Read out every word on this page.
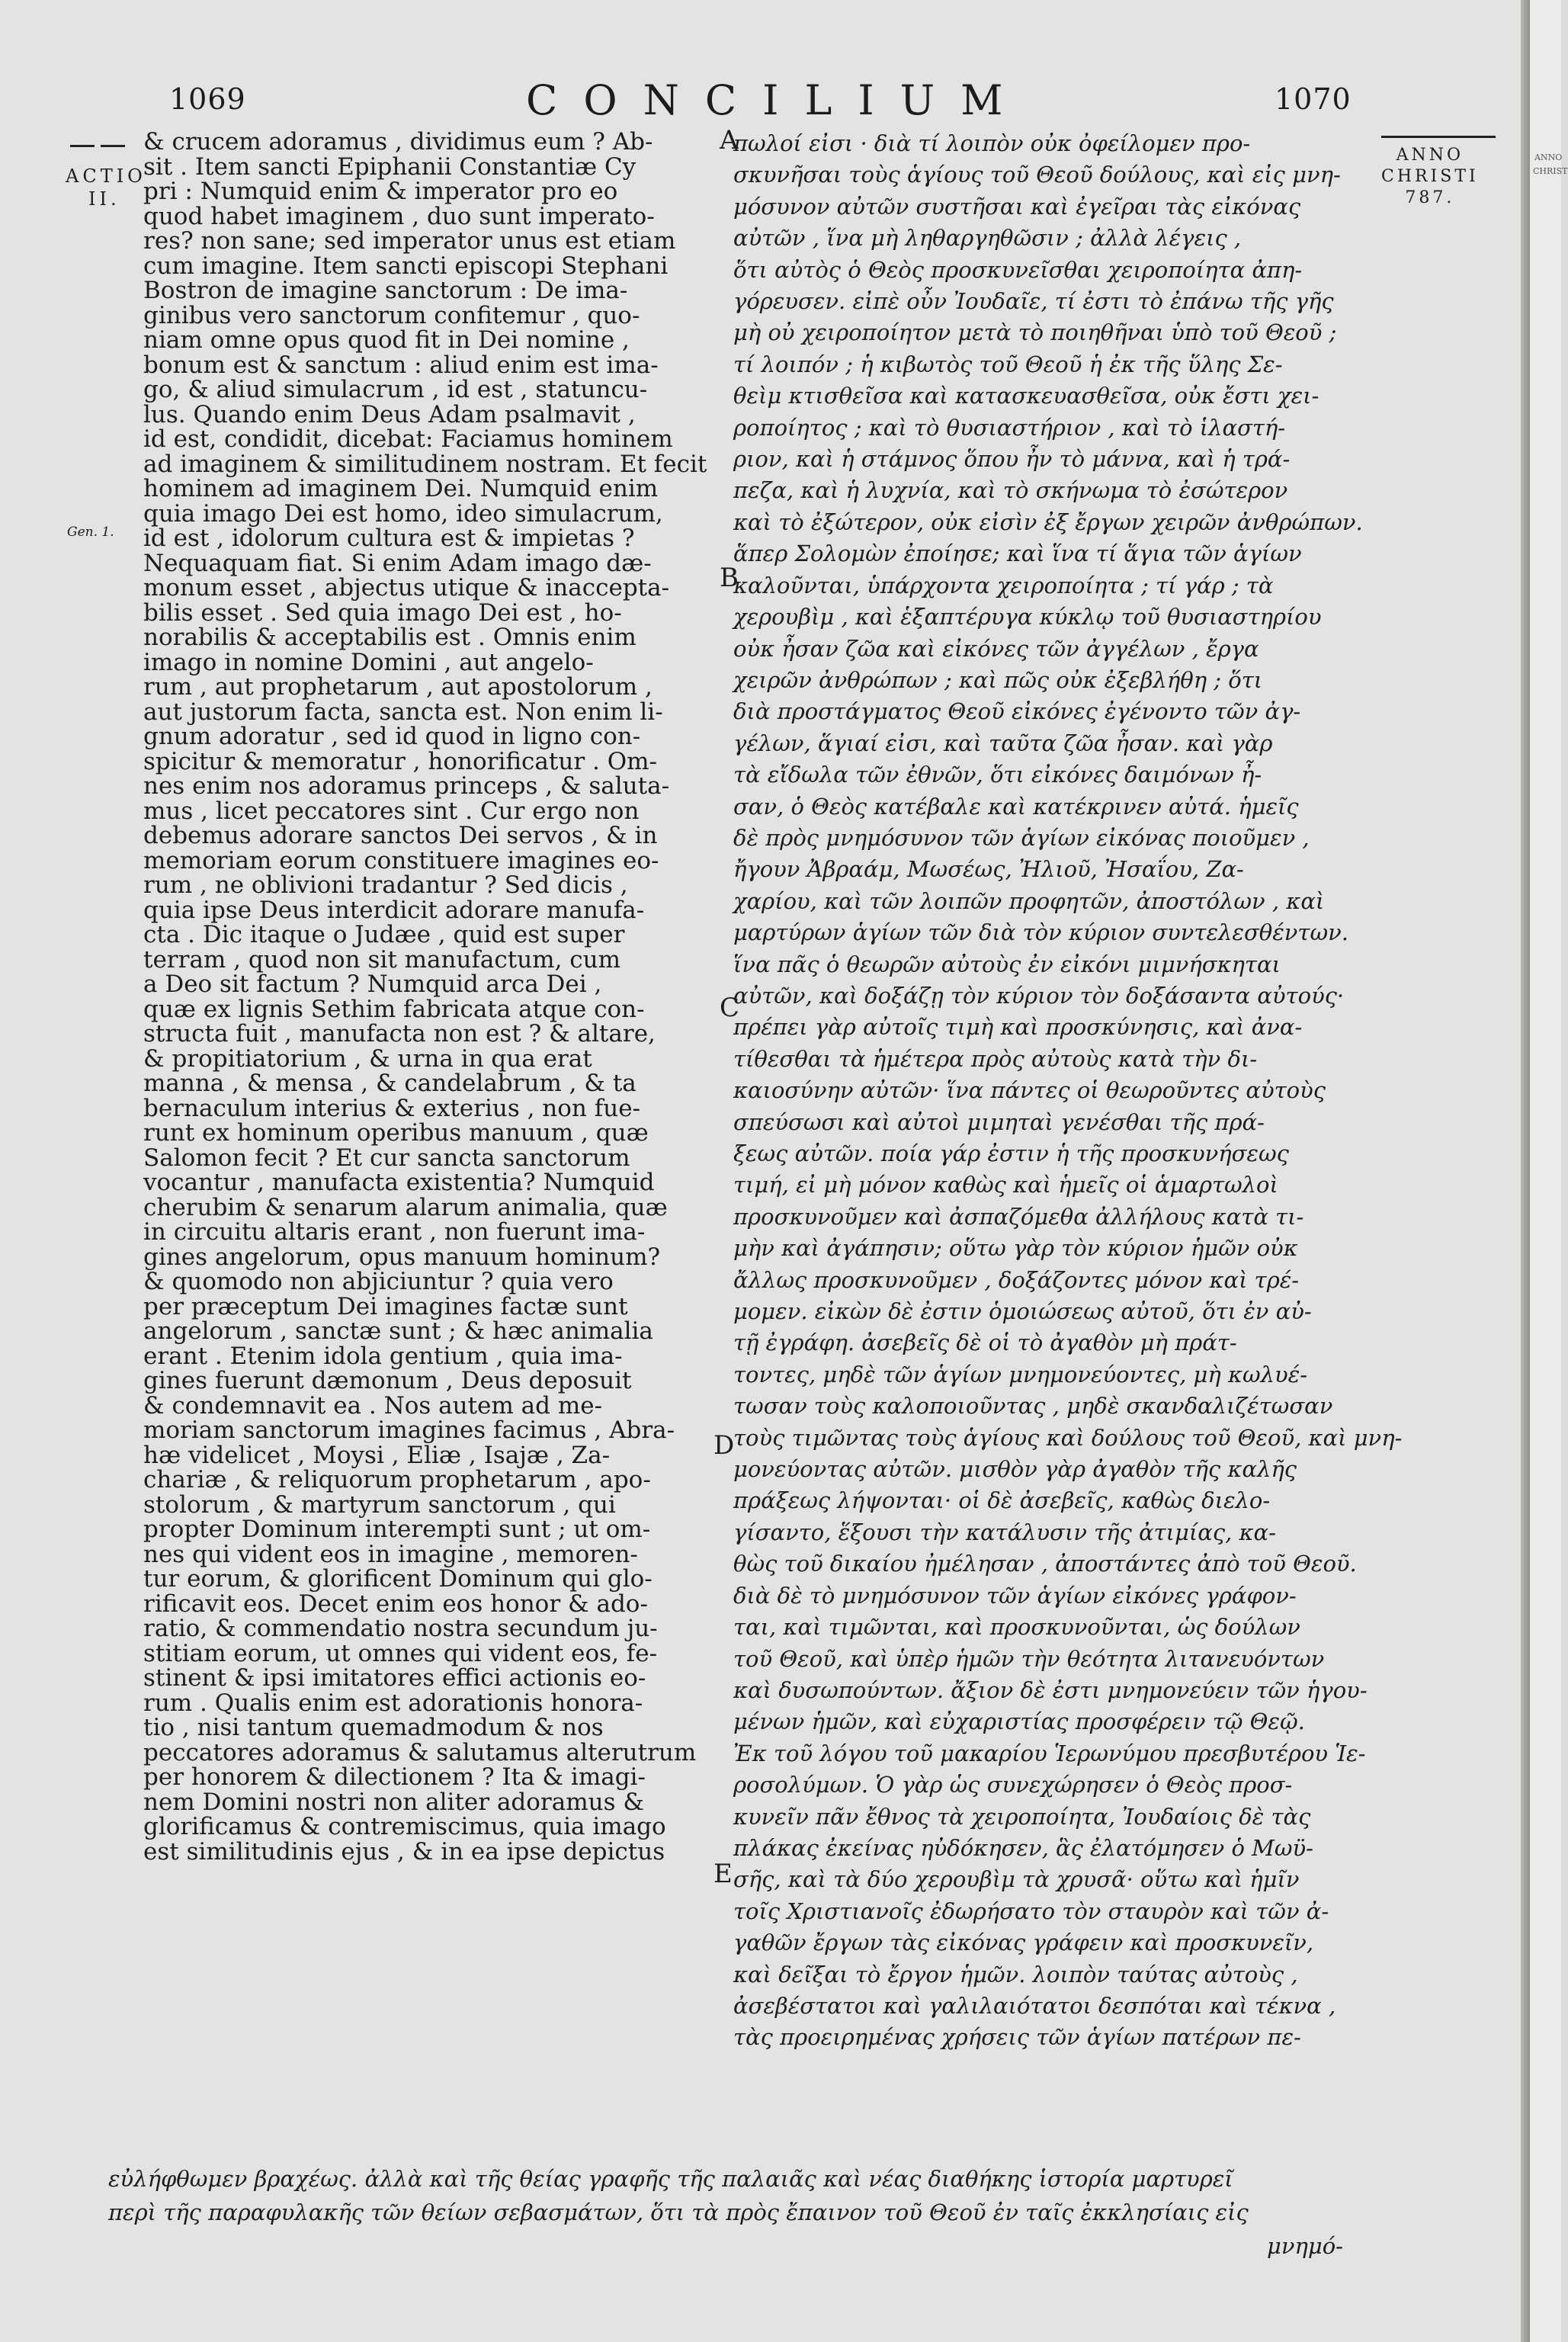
1069	CONCILIUM	1070
ACTIO
II.
Gen. 1.
ANNO
CHRISTI
787.
& crucem adoramus , dividimus eum ? Ab-
sit . Item sancti Epiphanii Constantiæ Cy
pri : Numquid enim & imperator pro eo
quod habet imaginem , duo sunt imperato-
res? non sane; sed imperator unus est etiam
cum imagine. Item sancti episcopi Stephani
Bostron de imagine sanctorum : De ima-
ginibus vero sanctorum confitemur , quo-
niam omne opus quod fit in Dei nomine ,
bonum est & sanctum : aliud enim est ima-
go, & aliud simulacrum , id est , statuncu-
lus. Quando enim Deus Adam psalmavit ,
id est, condidit, dicebat: Faciamus hominem
ad imaginem & similitudinem nostram. Et fecit
hominem ad imaginem Dei. Numquid enim
quia imago Dei est homo, ideo simulacrum,
id est , idolorum cultura est & impietas ?
Nequaquam fiat. Si enim Adam imago dæ-
monum esset , abjectus utique & inaccepta-
bilis esset . Sed quia imago Dei est , ho-
norabilis & acceptabilis est . Omnis enim
imago in nomine Domini , aut angelo-
rum , aut prophetarum , aut apostolorum ,
aut justorum facta, sancta est. Non enim li-
gnum adoratur , sed id quod in ligno con-
spicitur & memoratur , honorificatur . Om-
nes enim nos adoramus princeps , & saluta-
mus , licet peccatores sint . Cur ergo non
debemus adorare sanctos Dei servos , & in
memoriam eorum constituere imagines eo-
rum , ne oblivioni tradantur ? Sed dicis ,
quia ipse Deus interdicit adorare manufa-
cta . Dic itaque o Judæe , quid est super
terram , quod non sit manufactum, cum
a Deo sit factum ? Numquid arca Dei ,
quæ ex lignis Sethim fabricata atque con-
structa fuit , manufacta non est ? & altare,
& propitiatorium , & urna in qua erat
manna , & mensa , & candelabrum , & ta
bernaculum interius & exterius , non fue-
runt ex hominum operibus manuum , quæ
Salomon fecit ? Et cur sancta sanctorum
vocantur , manufacta existentia? Numquid
cherubim & senarum alarum animalia, quæ
in circuitu altaris erant , non fuerunt ima-
gines angelorum, opus manuum hominum?
& quomodo non abjiciuntur ? quia vero
per præceptum Dei imagines factæ sunt
angelorum , sanctæ sunt ; & hæc animalia
erant . Etenim idola gentium , quia ima-
gines fuerunt dæmonum , Deus deposuit
& condemnavit ea . Nos autem ad me-
moriam sanctorum imagines facimus , Abra-
hæ videlicet , Moysi , Eliæ , Isajæ , Za-
chariæ , & reliquorum prophetarum , apo-
stolorum , & martyrum sanctorum , qui
propter Dominum interempti sunt ; ut om-
nes qui vident eos in imagine , memoren-
tur eorum, & glorificent Dominum qui glo-
rificavit eos. Decet enim eos honor & ado-
ratio, & commendatio nostra secundum ju-
stitiam eorum, ut omnes qui vident eos, fe-
stinent & ipsi imitatores effici actionis eo-
rum . Qualis enim est adorationis honora-
tio , nisi tantum quemadmodum & nos
peccatores adoramus & salutamus alterutrum
per honorem & dilectionem ? Ita & imagi-
nem Domini nostri non aliter adoramus &
glorificamus & contremiscimus, quia imago
est similitudinis ejus , & in ea ipse depictus
πωλοί εἰσι · διὰ τί λοιπὸν οὐκ ὀφείλομεν προ-
σκυνῆσαι τοὺς ἁγίους τοῦ Θεοῦ δούλους, καὶ εἰς μνη-
μόσυνον αὐτῶν συστῆσαι καὶ ἐγεῖραι τὰς εἰκόνας
αὐτῶν , ἵνα μὴ ληθαργηθῶσιν ; ἀλλὰ λέγεις ,
ὅτι αὐτὸς ὁ Θεὸς προσκυνεῖσθαι χειροποίητα ἀπη-
γόρευσεν. εἰπὲ οὖν Ἰουδαῖε, τί ἐστι τὸ ἐπάνω τῆς γῆς
μὴ οὐ χειροποίητον μετὰ τὸ ποιηθῆναι ὑπὸ τοῦ Θεοῦ ;
τί λοιπόν ; ἡ κιβωτὸς τοῦ Θεοῦ ἡ ἐκ τῆς ὕλης Σε-
θεὶμ κτισθεῖσα καὶ κατασκευασθεῖσα, οὐκ ἔστι χει-
ροποίητος ; καὶ τὸ θυσιαστήριον , καὶ τὸ ἱλαστή-
ριον, καὶ ἡ στάμνος ὅπου ἦν τὸ μάννα, καὶ ἡ τρά-
πεζα, καὶ ἡ λυχνία, καὶ τὸ σκήνωμα τὸ ἐσώτερον
καὶ τὸ ἐξώτερον, οὐκ εἰσὶν ἐξ ἔργων χειρῶν ἀνθρώπων.
ἅπερ Σολομὼν ἐποίησε; καὶ ἵνα τί ἅγια τῶν ἁγίων
καλοῦνται, ὑπάρχοντα χειροποίητα ; τί γάρ ; τὰ
χερουβὶμ , καὶ ἑξαπτέρυγα κύκλῳ τοῦ θυσιαστηρίου
οὐκ ἦσαν ζῶα καὶ εἰκόνες τῶν ἀγγέλων , ἔργα
χειρῶν ἀνθρώπων ; καὶ πῶς οὐκ ἐξεβλήθη ; ὅτι
διὰ προστάγματος Θεοῦ εἰκόνες ἐγένοντο τῶν ἀγ-
γέλων, ἅγιαί εἰσι, καὶ ταῦτα ζῶα ἦσαν. καὶ γὰρ
τὰ εἴδωλα τῶν ἐθνῶν, ὅτι εἰκόνες δαιμόνων ἦ-
σαν, ὁ Θεὸς κατέβαλε καὶ κατέκρινεν αὐτά. ἡμεῖς
δὲ πρὸς μνημόσυνον τῶν ἁγίων εἰκόνας ποιοῦμεν ,
ἤγουν Ἀβραάμ, Μωσέως, Ἠλιοῦ, Ἠσαΐου, Ζα-
χαρίου, καὶ τῶν λοιπῶν προφητῶν, ἀποστόλων , καὶ
μαρτύρων ἁγίων τῶν διὰ τὸν κύριον συντελεσθέντων.
ἵνα πᾶς ὁ θεωρῶν αὐτοὺς ἐν εἰκόνι μιμνήσκηται
αὐτῶν, καὶ δοξάζῃ τὸν κύριον τὸν δοξάσαντα αὐτούς·
πρέπει γὰρ αὐτοῖς τιμὴ καὶ προσκύνησις, καὶ ἀνα-
τίθεσθαι τὰ ἡμέτερα πρὸς αὐτοὺς κατὰ τὴν δι-
καιοσύνην αὐτῶν· ἵνα πάντες οἱ θεωροῦντες αὐτοὺς
σπεύσωσι καὶ αὐτοὶ μιμηταὶ γενέσθαι τῆς πρά-
ξεως αὐτῶν. ποία γάρ ἐστιν ἡ τῆς προσκυνήσεως
τιμή, εἰ μὴ μόνον καθὼς καὶ ἡμεῖς οἱ ἁμαρτωλοὶ
προσκυνοῦμεν καὶ ἀσπαζόμεθα ἀλλήλους κατὰ τι-
μὴν καὶ ἀγάπησιν; οὕτω γὰρ τὸν κύριον ἡμῶν οὐκ
ἄλλως προσκυνοῦμεν , δοξάζοντες μόνον καὶ τρέ-
μομεν. εἰκὼν δὲ ἐστιν ὁμοιώσεως αὐτοῦ, ὅτι ἐν αὐ-
τῇ ἐγράφη. ἀσεβεῖς δὲ οἱ τὸ ἀγαθὸν μὴ πράτ-
τοντες, μηδὲ τῶν ἁγίων μνημονεύοντες, μὴ κωλυέ-
τωσαν τοὺς καλοποιοῦντας , μηδὲ σκανδαλιζέτωσαν
τοὺς τιμῶντας τοὺς ἁγίους καὶ δούλους τοῦ Θεοῦ, καὶ μνη-
μονεύοντας αὐτῶν. μισθὸν γὰρ ἀγαθὸν τῆς καλῆς
πράξεως λήψονται· οἱ δὲ ἀσεβεῖς, καθὼς διελο-
γίσαντο, ἕξουσι τὴν κατάλυσιν τῆς ἀτιμίας, κα-
θὼς τοῦ δικαίου ἠμέλησαν , ἀποστάντες ἀπὸ τοῦ Θεοῦ.
διὰ δὲ τὸ μνημόσυνον τῶν ἁγίων εἰκόνες γράφον-
ται, καὶ τιμῶνται, καὶ προσκυνοῦνται, ὡς δούλων
τοῦ Θεοῦ, καὶ ὑπὲρ ἡμῶν τὴν θεότητα λιτανευόντων
καὶ δυσωπούντων. ἄξιον δὲ ἐστι μνημονεύειν τῶν ἡγου-
μένων ἡμῶν, καὶ εὐχαριστίας προσφέρειν τῷ Θεῷ.
Ἐκ τοῦ λόγου τοῦ μακαρίου Ἱερωνύμου πρεσβυτέρου Ἱε-
ροσολύμων. Ὁ γὰρ ὡς συνεχώρησεν ὁ Θεὸς προσ-
κυνεῖν πᾶν ἔθνος τὰ χειροποίητα, Ἰουδαίοις δὲ τὰς
πλάκας ἐκείνας ηὐδόκησεν, ἃς ἐλατόμησεν ὁ Μωϋ-
σῆς, καὶ τὰ δύο χερουβὶμ τὰ χρυσᾶ· οὕτω καὶ ἡμῖν
τοῖς Χριστιανοῖς ἐδωρήσατο τὸν σταυρὸν καὶ τῶν ἀ-
γαθῶν ἔργων τὰς εἰκόνας γράφειν καὶ προσκυνεῖν,
καὶ δεῖξαι τὸ ἔργον ἡμῶν. λοιπὸν ταύτας αὐτοὺς ,
ἀσεβέστατοι καὶ γαλιλαιότατοι δεσπόται καὶ τέκνα ,
τὰς προειρημένας χρήσεις τῶν ἁγίων πατέρων πε-
εὐλήφθωμεν βραχέως. ἀλλὰ καὶ τῆς θείας γραφῆς τῆς παλαιᾶς καὶ νέας διαθήκης ἱστορία μαρτυρεῖ
περὶ τῆς παραφυλακῆς τῶν θείων σεβασμάτων, ὅτι τὰ πρὸς ἔπαινον τοῦ Θεοῦ ἐν ταῖς ἐκκλησίαις εἰς
μνημό-
A
B
C
D
E
ANNO
CHRIST
